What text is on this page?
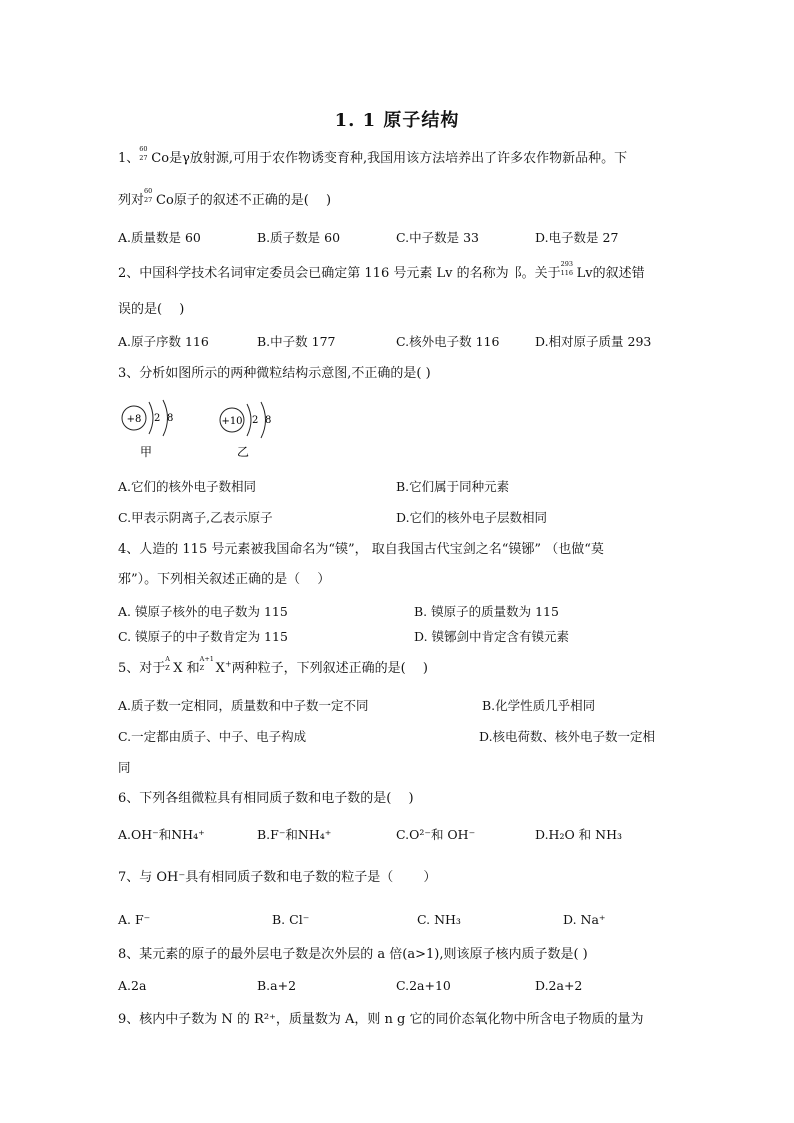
1. 1 原子结构
1、
60
27 Co是γ放射源,可用于农作物诱变育种,我国用该方法培养出了许多农作物新品种。下
列对
60
27 Co原子的叙述不正确的是(　 )
A.质量数是 60	B.质子数是 60	C.中子数是 33	D.电子数是 27
2、中国科学技术名词审定委员会已确定第 116 号元素 Lv 的名称为⻏。关于
293
116 Lv的叙述错
误的是(　 )
A.原子序数 116	B.中子数 177	C.核外电子数 116	D.相对原子质量 293
3、分析如图所示的两种微粒结构示意图,不正确的是( )
+8 2 8
甲
+10 2 8
乙
A.它们的核外电子数相同	B.它们属于同种元素
C.甲表示阴离子,乙表示原子	D.它们的核外电子层数相同
4、人造的 115 号元素被我国命名为“镆”， 取自我国古代宝剑之名“镆铘” （也做“莫
邪”）。下列相关叙述正确的是（　 ）
A. 镆原子核外的电子数为 115	B. 镆原子的质量数为 115
C. 镆原子的中子数肯定为 115	D. 镆铘剑中肯定含有镆元素
5、对于
A
Z X 和
A+1
Z X+两种粒子，下列叙述正确的是(　 )
A.质子数一定相同，质量数和中子数一定不同	B.化学性质几乎相同
C.一定都由质子、中子、电子构成	D.核电荷数、核外电子数一定相
同
6、下列各组微粒具有相同质子数和电子数的是(　 )
A.OH⁻和NH₄⁺	B.F⁻和NH₄⁺	C.O²⁻和 OH⁻	D.H₂O 和 NH₃
7、与 OH⁻具有相同质子数和电子数的粒子是（　　 ）
A. F⁻	B. Cl⁻	C. NH₃	D. Na⁺
8、某元素的原子的最外层电子数是次外层的 a 倍(a>1),则该原子核内质子数是( )
A.2a	B.a+2	C.2a+10	D.2a+2
9、核内中子数为 N 的 R²⁺，质量数为 A，则 n g 它的同价态氧化物中所含电子物质的量为
